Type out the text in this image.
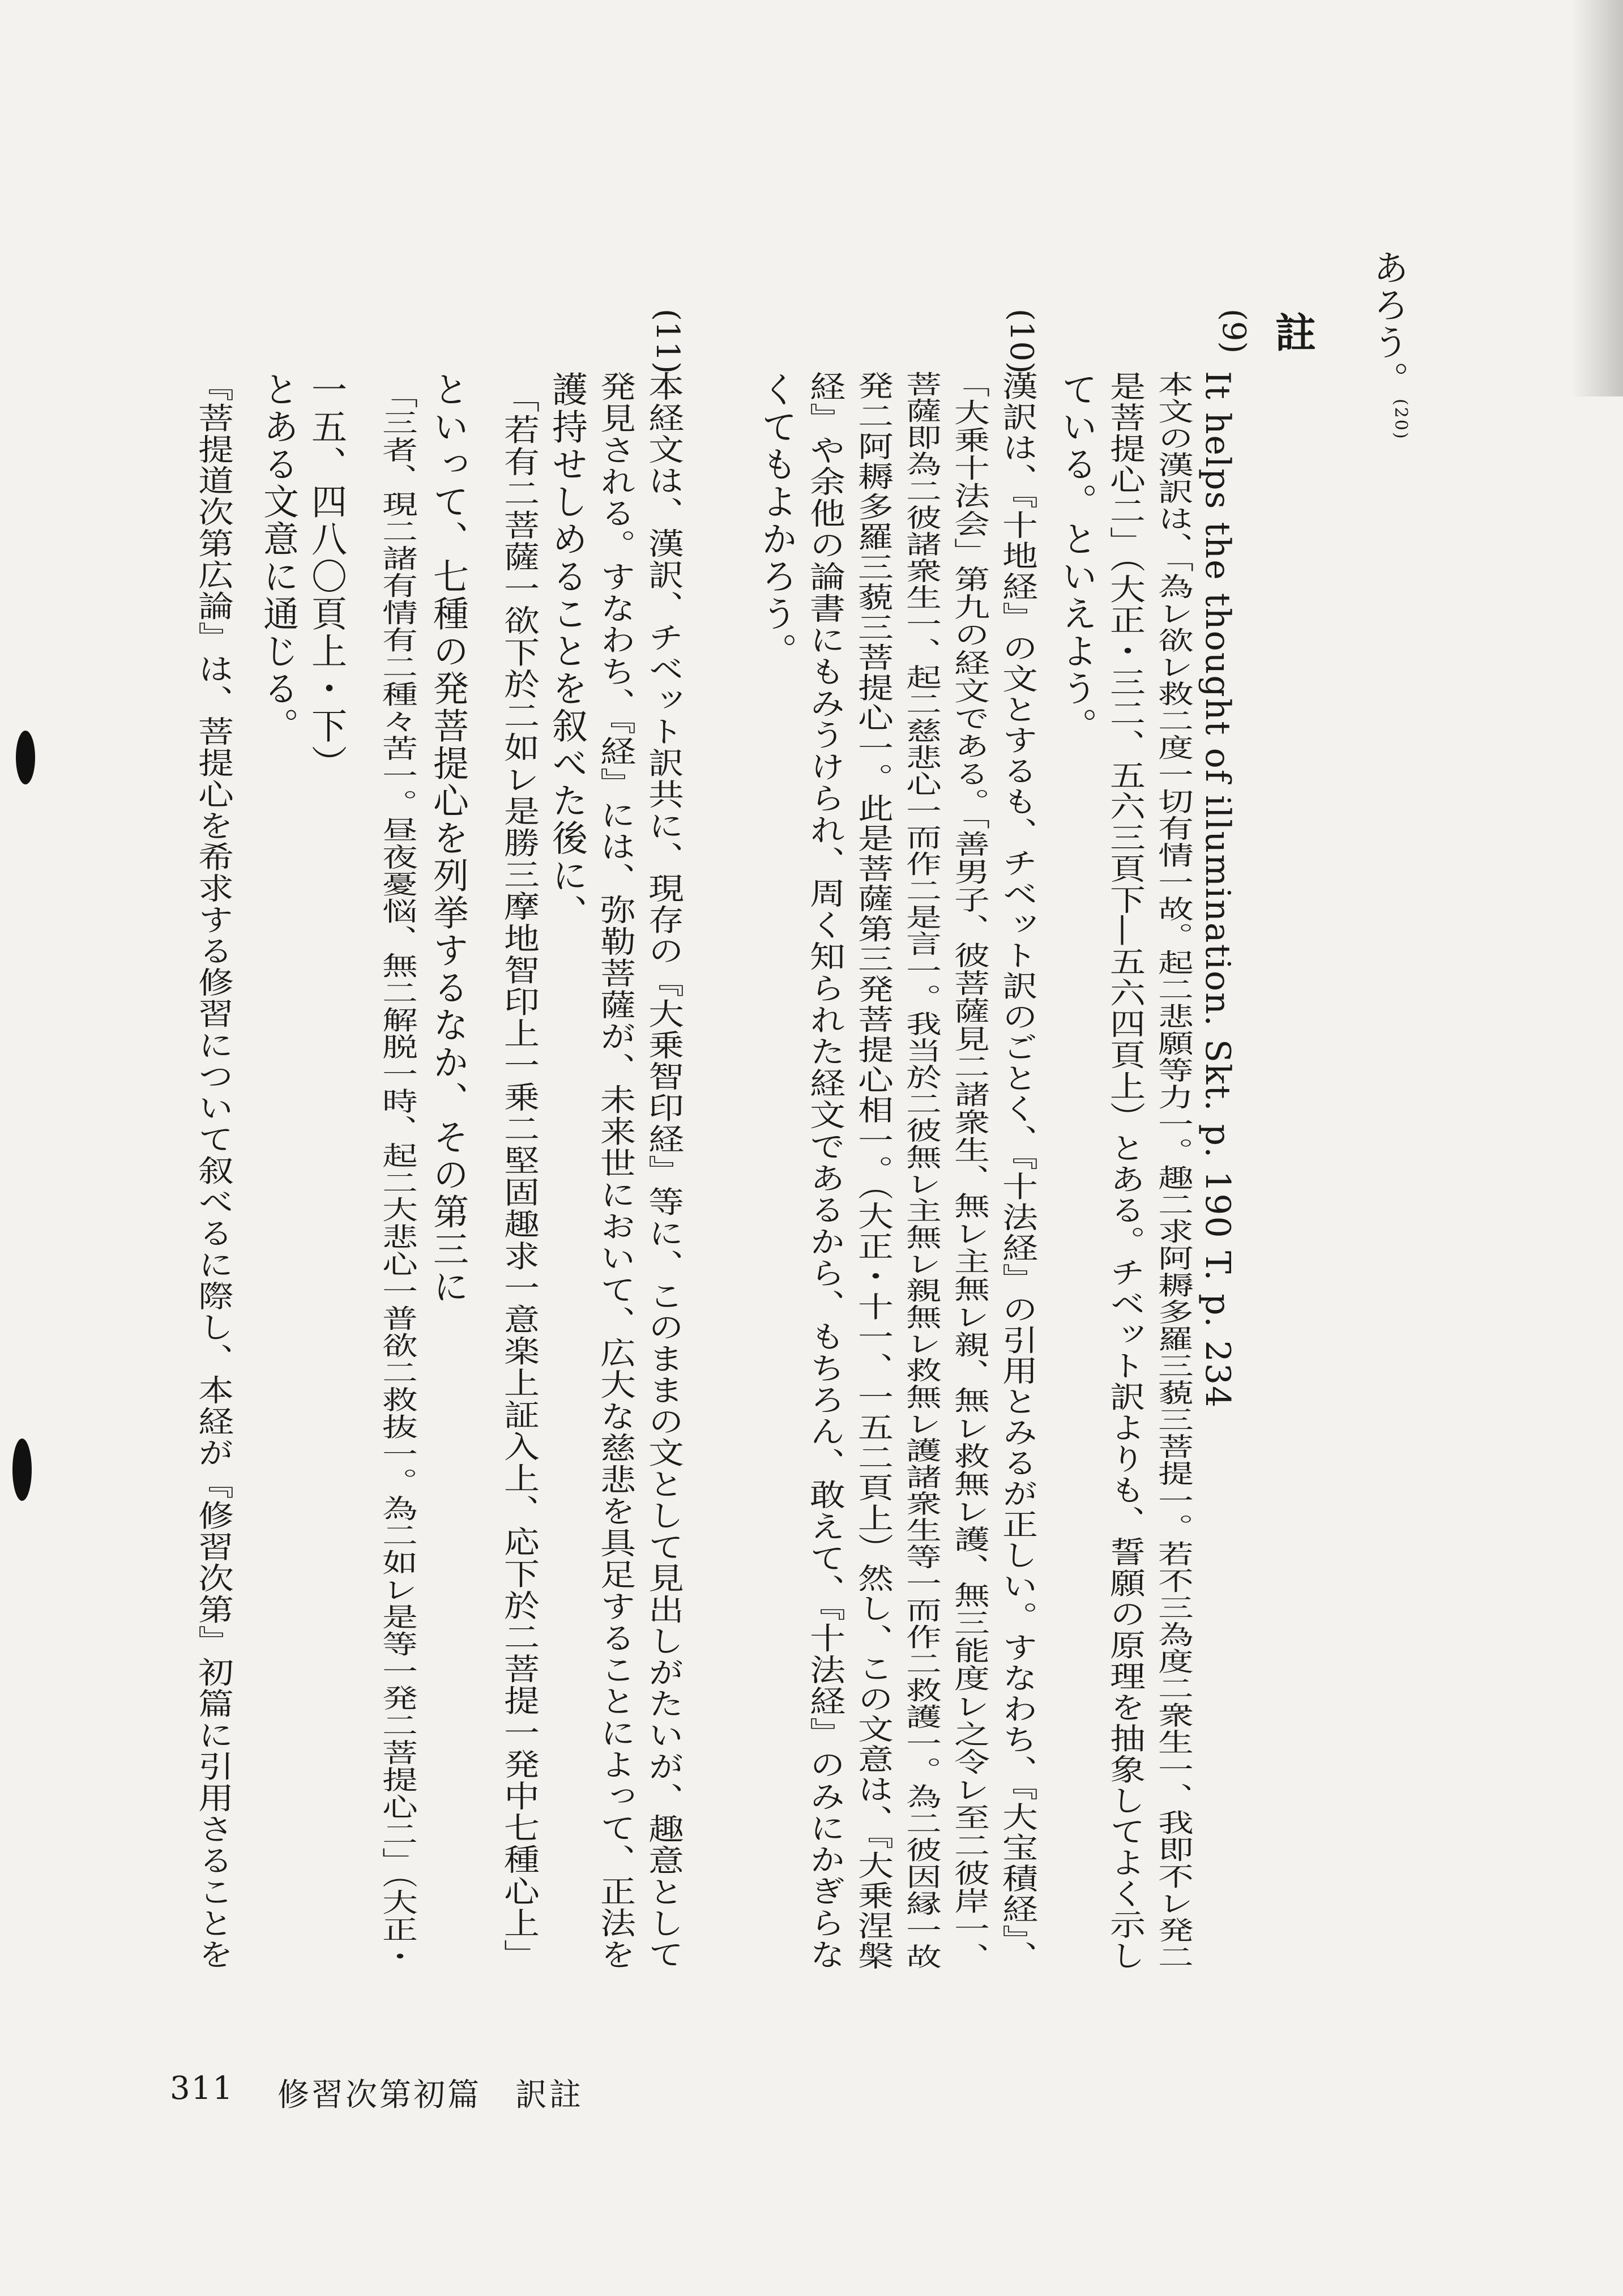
あろう。$^{(20)}$
註
(9)
It helps the thought of illumination. Skt. p. 190 T. p. 234
本文の漢訳は、「為レ欲レ救二度一切有情一故。起二悲願等力一。趣二求阿耨多羅三藐三菩提一。若不三為度二衆生一、我即不レ発二
是菩提心二」（大正・三二、五六三頁下―五六四頁上）とある。チベット訳よりも、誓願の原理を抽象してよく示し
ている。といえよう。
(10)
漢訳は、『十地経』の文とするも、チベット訳のごとく、『十法経』の引用とみるが正しい。すなわち、『大宝積経』、
「大乗十法会」第九の経文である。「善男子、彼菩薩見二諸衆生、無レ主無レ親、無レ救無レ護、無三能度レ之令レ至二彼岸一、
菩薩即為二彼諸衆生一、起二慈悲心一而作二是言一。我当於二彼無レ主無レ親無レ救無レ護諸衆生等一而作二救護一。為二彼因縁一故
発二阿耨多羅三藐三菩提心一。此是菩薩第三発菩提心相一。（大正・十一、一五二頁上）然し、この文意は、『大乗涅槃
経』や余他の論書にもみうけられ、周く知られた経文であるから、もちろん、敢えて、『十法経』のみにかぎらな
くてもよかろう。
(11)
本経文は、漢訳、チベット訳共に、現存の『大乗智印経』等に、このままの文として見出しがたいが、趣意として
発見される。すなわち、『経』には、弥勒菩薩が、未来世において、広大な慈悲を具足することによって、正法を
護持せしめることを叙べた後に、
「若有二菩薩一欲下於二如レ是勝三摩地智印上一乗二堅固趣求一意楽上証入上、応下於二菩提一発中七種心上」
といって、七種の発菩提心を列挙するなか、その第三に
「三者、現二諸有情有二種々苦一。昼夜憂悩、無二解脱一時、起二大悲心一普欲二救抜一。為二如レ是等一発二菩提心二」（大正・
一五、四八〇頁上・下）
とある文意に通じる。
『菩提道次第広論』は、菩提心を希求する修習について叙べるに際し、本経が『修習次第』初篇に引用さることを
311 修習次第初篇　訳註
